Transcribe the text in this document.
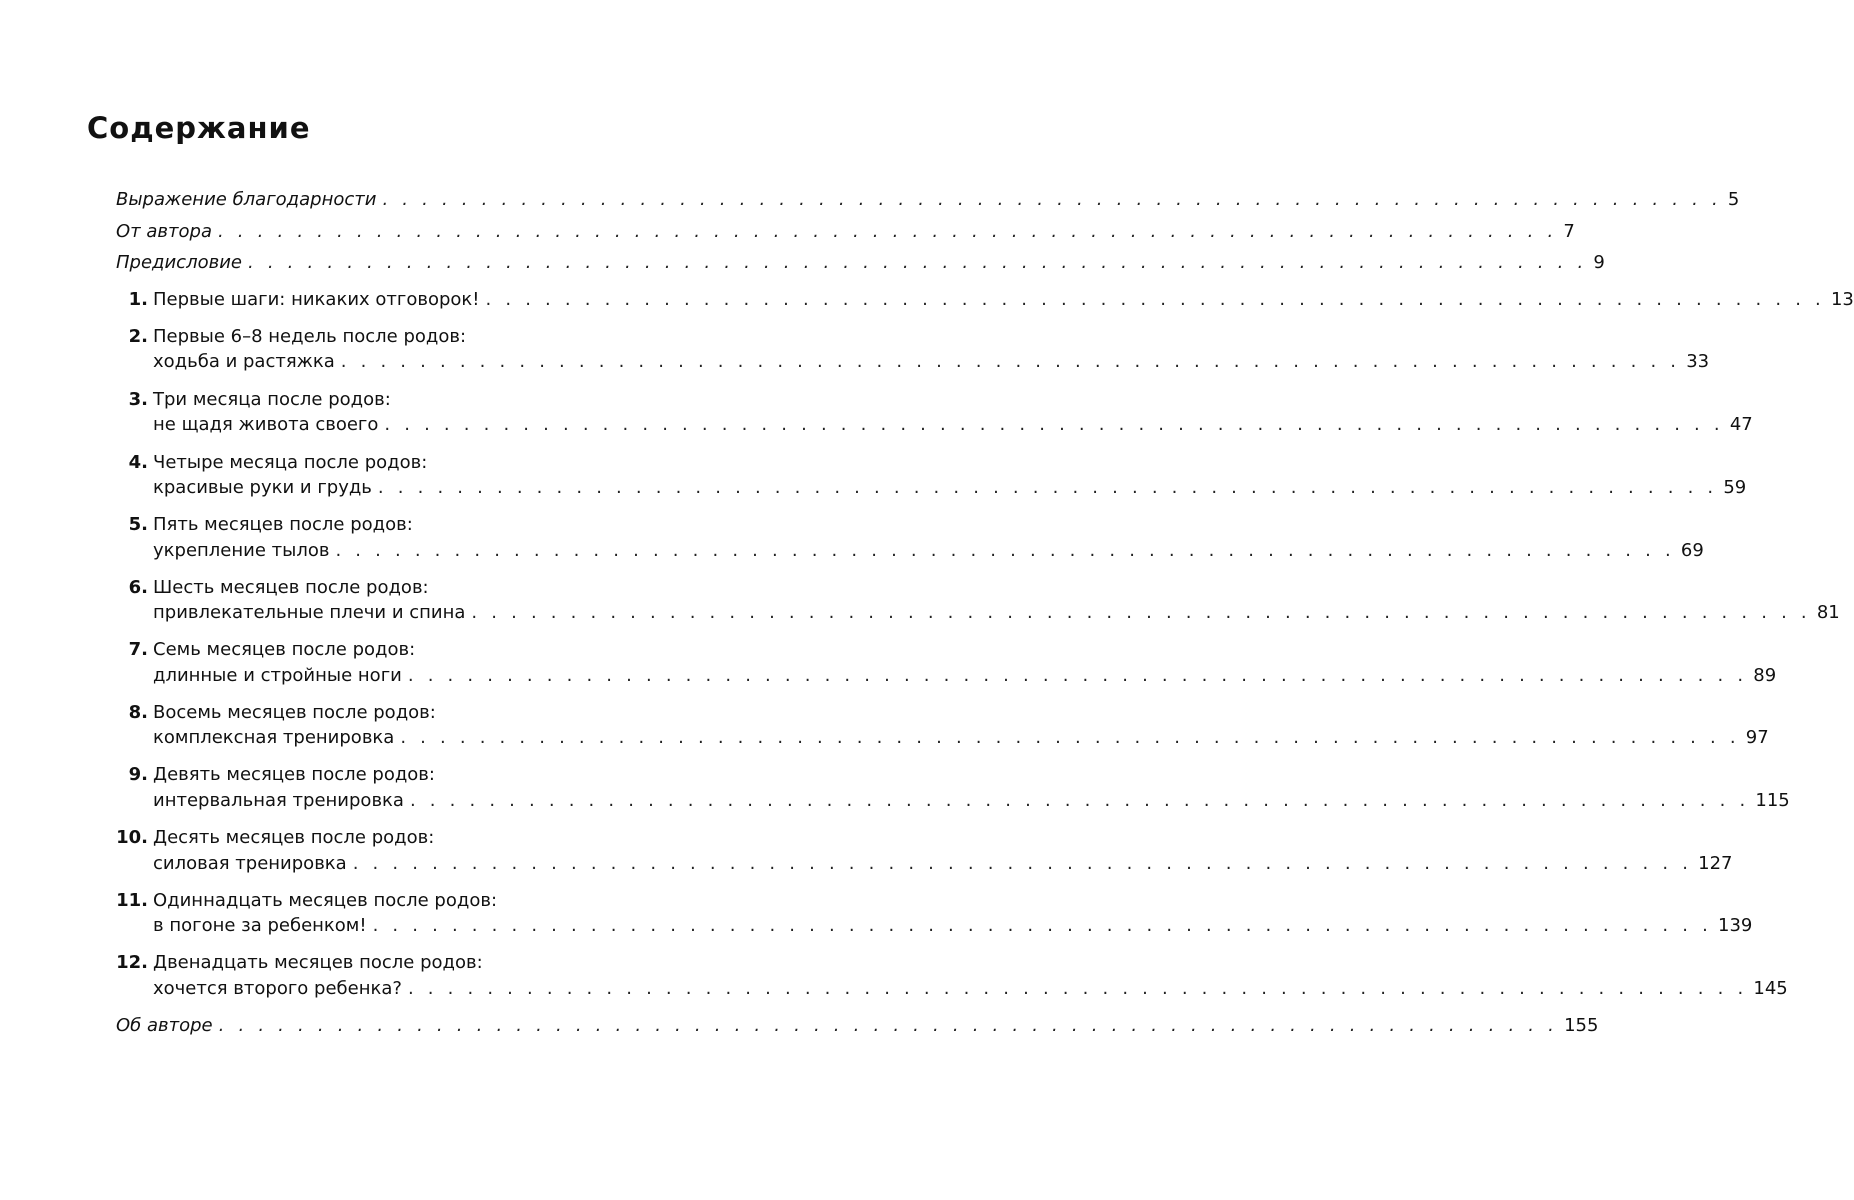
Содержание
Выражение благодарности . . . . . . . . . . . . . . . . . . . . . . . . . . . . . . . . . . . . . . . . . . . . . . . . . . . . . . . . . . . . . . . . . . . . 5
От автора . . . . . . . . . . . . . . . . . . . . . . . . . . . . . . . . . . . . . . . . . . . . . . . . . . . . . . . . . . . . . . . . . . . . 7
Предисловие . . . . . . . . . . . . . . . . . . . . . . . . . . . . . . . . . . . . . . . . . . . . . . . . . . . . . . . . . . . . . . . . . . . . 9
1. Первые шаги: никаких отговорок! . . . . . . . . . . . . . . . . . . . . . . . . . . . . . . . . . . . . . . . . . . . . . . . . . . . . . . . . . . . . . . . . . . . . 13
2. Первые 6–8 недель после родов:
ходьба и растяжка . . . . . . . . . . . . . . . . . . . . . . . . . . . . . . . . . . . . . . . . . . . . . . . . . . . . . . . . . . . . . . . . . . . . 33
3. Три месяца после родов:
не щадя живота своего . . . . . . . . . . . . . . . . . . . . . . . . . . . . . . . . . . . . . . . . . . . . . . . . . . . . . . . . . . . . . . . . . . . . 47
4. Четыре месяца после родов:
красивые руки и грудь . . . . . . . . . . . . . . . . . . . . . . . . . . . . . . . . . . . . . . . . . . . . . . . . . . . . . . . . . . . . . . . . . . . . 59
5. Пять месяцев после родов:
укрепление тылов . . . . . . . . . . . . . . . . . . . . . . . . . . . . . . . . . . . . . . . . . . . . . . . . . . . . . . . . . . . . . . . . . . . . 69
6. Шесть месяцев после родов:
привлекательные плечи и спина . . . . . . . . . . . . . . . . . . . . . . . . . . . . . . . . . . . . . . . . . . . . . . . . . . . . . . . . . . . . . . . . . . . . 81
7. Семь месяцев после родов:
длинные и стройные ноги . . . . . . . . . . . . . . . . . . . . . . . . . . . . . . . . . . . . . . . . . . . . . . . . . . . . . . . . . . . . . . . . . . . . 89
8. Восемь месяцев после родов:
комплексная тренировка . . . . . . . . . . . . . . . . . . . . . . . . . . . . . . . . . . . . . . . . . . . . . . . . . . . . . . . . . . . . . . . . . . . . 97
9. Девять месяцев после родов:
интервальная тренировка . . . . . . . . . . . . . . . . . . . . . . . . . . . . . . . . . . . . . . . . . . . . . . . . . . . . . . . . . . . . . . . . . . . . 115
10. Десять месяцев после родов:
силовая тренировка . . . . . . . . . . . . . . . . . . . . . . . . . . . . . . . . . . . . . . . . . . . . . . . . . . . . . . . . . . . . . . . . . . . . 127
11. Одиннадцать месяцев после родов:
в погоне за ребенком! . . . . . . . . . . . . . . . . . . . . . . . . . . . . . . . . . . . . . . . . . . . . . . . . . . . . . . . . . . . . . . . . . . . . 139
12. Двенадцать месяцев после родов:
хочется второго ребенка? . . . . . . . . . . . . . . . . . . . . . . . . . . . . . . . . . . . . . . . . . . . . . . . . . . . . . . . . . . . . . . . . . . . . 145
Об авторе . . . . . . . . . . . . . . . . . . . . . . . . . . . . . . . . . . . . . . . . . . . . . . . . . . . . . . . . . . . . . . . . . . . . 155
